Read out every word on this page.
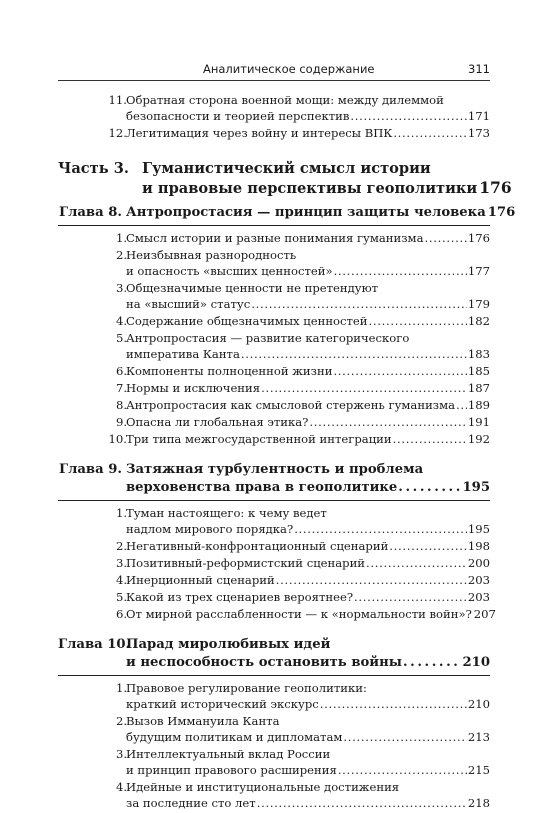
Аналитическое содержание	311
11. Обратная сторона военной мощи: между дилеммой
безопасности и теорией перспектив . . .	171
12. Легитимация через войну и интересы ВПК . . .	173
Часть 3. Гуманистический смысл истории
и правовые перспективы геополитики 176
Глава 8. Антропростасия — принцип защиты человека 176
1. Смысл истории и разные понимания гуманизма . . .	176
2. Неизбывная разнородность
и опасность «высших ценностей» . . .	177
3. Общезначимые ценности не претендуют
на «высший» статус . . .	179
4. Содержание общезначимых ценностей . . .	182
5. Антропростасия — развитие категорического
императива Канта . . .	183
6. Компоненты полноценной жизни . . .	185
7. Нормы и исключения . . .	187
8. Антропростасия как смысловой стержень гуманизма . . . 189
9. Опасна ли глобальная этика? . . .	191
10. Три типа межгосударственной интеграции . . .	192
Глава 9. Затяжная турбулентность и проблема
верховенства права в геополитике . . .	195
1. Туман настоящего: к чему ведет
надлом мирового порядка? . . .	195
2. Негативный-конфронтационный сценарий . . .	198
3. Позитивный-реформистский сценарий . . .	200
4. Инерционный сценарий . . .	203
5. Какой из трех сценариев вероятнее? . . .	203
6. От мирной расслабленности — к «нормальности войн»? 207
Глава 10.
Парад миролюбивых идей
и неспособность остановить войны . . .	210
1. Правовое регулирование геополитики:
краткий исторический экскурс . . .	210
2. Вызов Иммануила Канта
будущим политикам и дипломатам . . .	213
3. Интеллектуальный вклад России
и принцип правового расширения . . .	215
4. Идейные и институциональные достижения
за последние сто лет . . .	218
